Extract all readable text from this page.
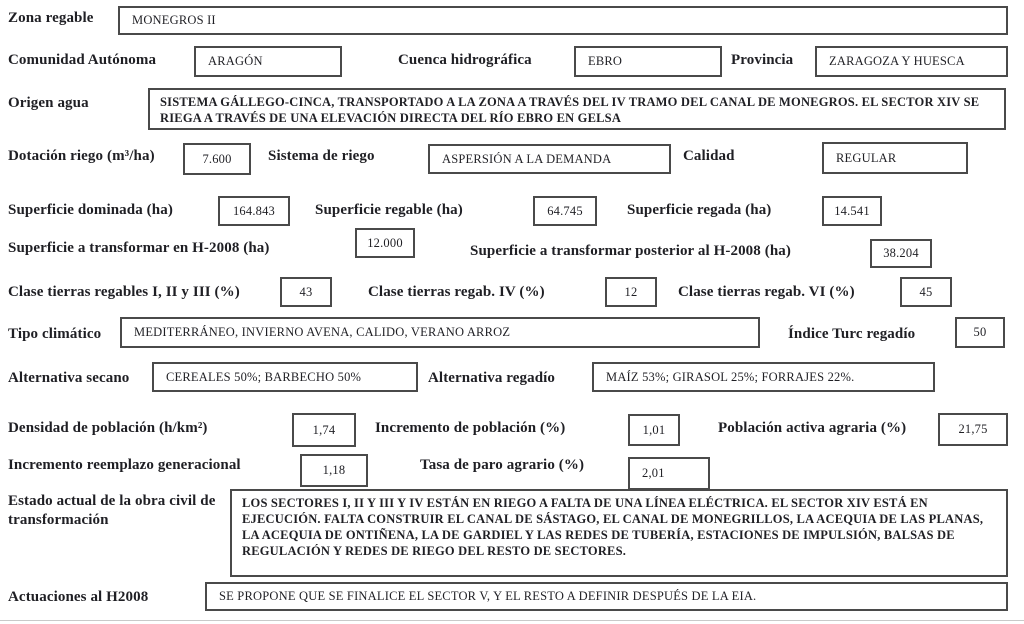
Zona regable	MONEGROS II
Comunidad Autónoma	ARAGÓN	Cuenca hidrográfica	EBRO	Provincia	ZARAGOZA Y HUESCA
Origen agua	SISTEMA GÁLLEGO-CINCA, TRANSPORTADO A LA ZONA A TRAVÉS DEL IV TRAMO DEL CANAL DE MONEGROS. EL SECTOR XIV SE RIEGA A TRAVÉS DE UNA ELEVACIÓN DIRECTA DEL RÍO EBRO EN GELSA
Dotación riego (m³/ha)	7.600	Sistema de riego	ASPERSIÓN A LA DEMANDA	Calidad	REGULAR
Superficie dominada (ha)	164.843	Superficie regable (ha)	64.745	Superficie regada (ha)	14.541
Superficie a transformar en H-2008 (ha)	12.000
Superficie a transformar posterior al H-2008 (ha)	38.204
Clase tierras regables I, II y III (%)	43	Clase tierras regab. IV (%)	12	Clase tierras regab. VI (%)	45
Tipo climático	MEDITERRÁNEO, INVIERNO AVENA, CALIDO, VERANO ARROZ	Índice Turc regadío	50
Alternativa secano	CEREALES 50%; BARBECHO 50%	Alternativa regadío	MAÍZ 53%; GIRASOL 25%; FORRAJES 22%.
Densidad de población (h/km²)	1,74	Incremento de población (%)	1,01	Población activa agraria (%)	21,75
Incremento reemplazo generacional	1,18	Tasa de paro agrario (%)	2,01
Estado actual de la obra civil de transformación
LOS SECTORES I, II Y III Y IV ESTÁN EN RIEGO A FALTA DE UNA LÍNEA ELÉCTRICA. EL SECTOR XIV ESTÁ EN EJECUCIÓN. FALTA CONSTRUIR EL CANAL DE SÁSTAGO, EL CANAL DE MONEGRILLOS, LA ACEQUIA DE LAS PLANAS, LA ACEQUIA DE ONTIÑENA, LA DE GARDIEL Y LAS REDES DE TUBERÍA, ESTACIONES DE IMPULSIÓN, BALSAS DE REGULACIÓN Y REDES DE RIEGO DEL RESTO DE SECTORES.
Actuaciones al H2008	SE PROPONE QUE SE FINALICE EL SECTOR V, Y EL RESTO A DEFINIR DESPUÉS DE LA EIA.
